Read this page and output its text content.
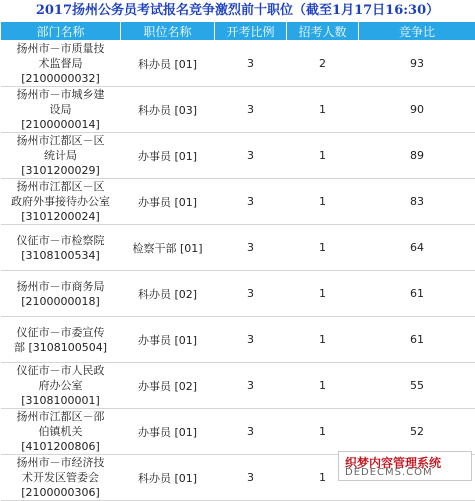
2017扬州公务员考试报名竞争激烈前十职位（截至1月17日16:30）
部门名称	职位名称	开考比例	招考人数	竞争比
扬州市－市质量技
术监督局
[2100000032]	科办员 [01]	3	2	93
扬州市－市城乡建
设局
[2100000014]	科办员 [03]	3	1	90
扬州市江都区－区
统计局
[3101200029]	办事员 [01]	3	1	89
扬州市江都区－区
政府外事接待办公室
[3101200024]	办事员 [01]	3	1	83
仪征市－市检察院
[3108100534]	检察干部 [01]	3	1	64
扬州市－市商务局
[2100000018]	科办员 [02]	3	1	61
仪征市－市委宣传
部 [3108100504]	办事员 [01]	3	1	61
仪征市－市人民政
府办公室
[3108100001]	办事员 [02]	3	1	55
扬州市江都区－邵
伯镇机关
[4101200806]	办事员 [01]	3	1	52
扬州市－市经济技
术开发区管委会
[2100000306]	科办员 [01]	3	1	
织梦内容管理系统
DEDECMS.COM
